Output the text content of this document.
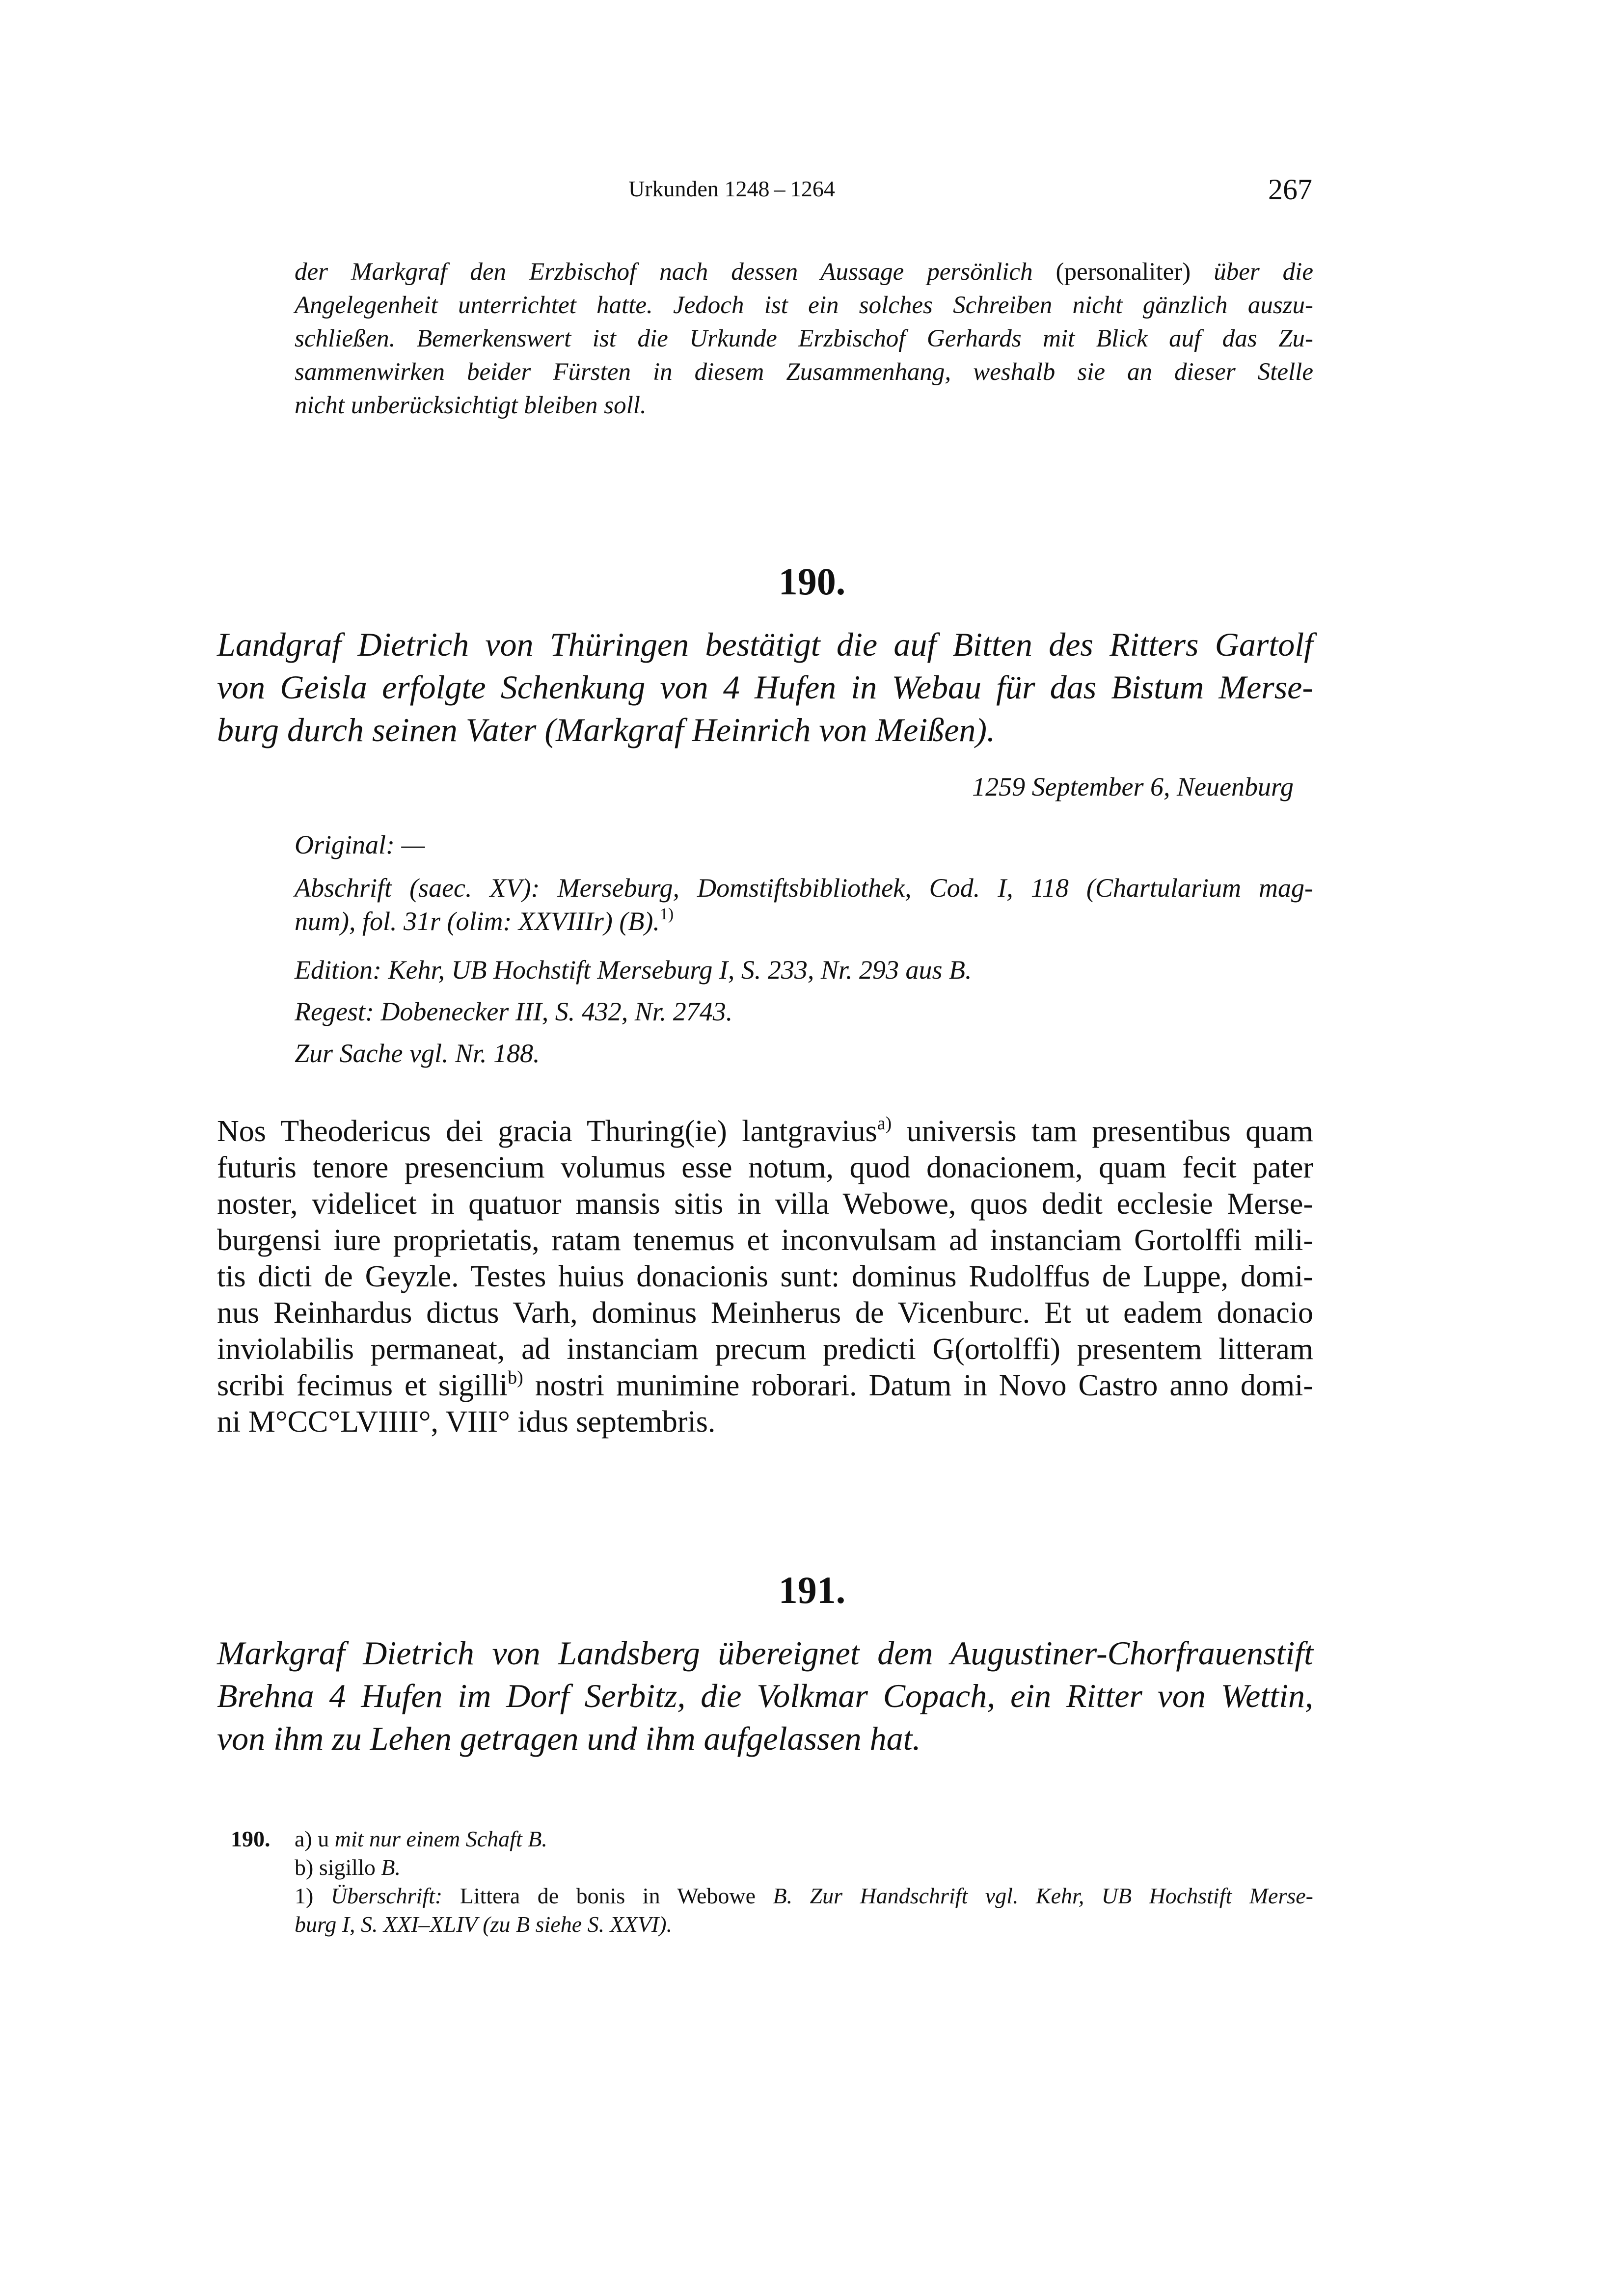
Urkunden 1248 – 1264	267
der Markgraf den Erzbischof nach dessen Aussage persönlich (personaliter) über die
Angelegenheit unterrichtet hatte. Jedoch ist ein solches Schreiben nicht gänzlich auszu-
schließen. Bemerkenswert ist die Urkunde Erzbischof Gerhards mit Blick auf das Zu-
sammenwirken beider Fürsten in diesem Zusammenhang, weshalb sie an dieser Stelle
nicht unberücksichtigt bleiben soll.
190.
Landgraf Dietrich von Thüringen bestätigt die auf Bitten des Ritters Gartolf
von Geisla erfolgte Schenkung von 4 Hufen in Webau für das Bistum Merse-
burg durch seinen Vater (Markgraf Heinrich von Meißen).
1259 September 6, Neuenburg
Original: —
Abschrift (saec. XV): Merseburg, Domstiftsbibliothek, Cod. I, 118 (Chartularium mag-
num), fol. 31r (olim: XXVIIIr) (B).$^{1)}$
Edition: Kehr, UB Hochstift Merseburg I, S. 233, Nr. 293 aus B.
Regest: Dobenecker III, S. 432, Nr. 2743.
Zur Sache vgl. Nr. 188.
Nos Theodericus dei gracia Thuring(ie) lantgravius$^{a)}$ universis tam presentibus quam
futuris tenore presencium volumus esse notum, quod donacionem, quam fecit pater
noster, videlicet in quatuor mansis sitis in villa Webowe, quos dedit ecclesie Merse-
burgensi iure proprietatis, ratam tenemus et inconvulsam ad instanciam Gortolffi mili-
tis dicti de Geyzle. Testes huius donacionis sunt: dominus Rudolffus de Luppe, domi-
nus Reinhardus dictus Varh, dominus Meinherus de Vicenburc. Et ut eadem donacio
inviolabilis permaneat, ad instanciam precum predicti G(ortolffi) presentem litteram
scribi fecimus et sigilli$^{b)}$ nostri munimine roborari. Datum in Novo Castro anno domi-
ni M°CC°LVIIII°, VIII° idus septembris.
191.
Markgraf Dietrich von Landsberg übereignet dem Augustiner-Chorfrauenstift
Brehna 4 Hufen im Dorf Serbitz, die Volkmar Copach, ein Ritter von Wettin,
von ihm zu Lehen getragen und ihm aufgelassen hat.
190. a) u mit nur einem Schaft B.
b) sigillo B.
1) Überschrift: Littera de bonis in Webowe B. Zur Handschrift vgl. Kehr, UB Hochstift Merse-
burg I, S. XXI–XLIV (zu B siehe S. XXVI).
